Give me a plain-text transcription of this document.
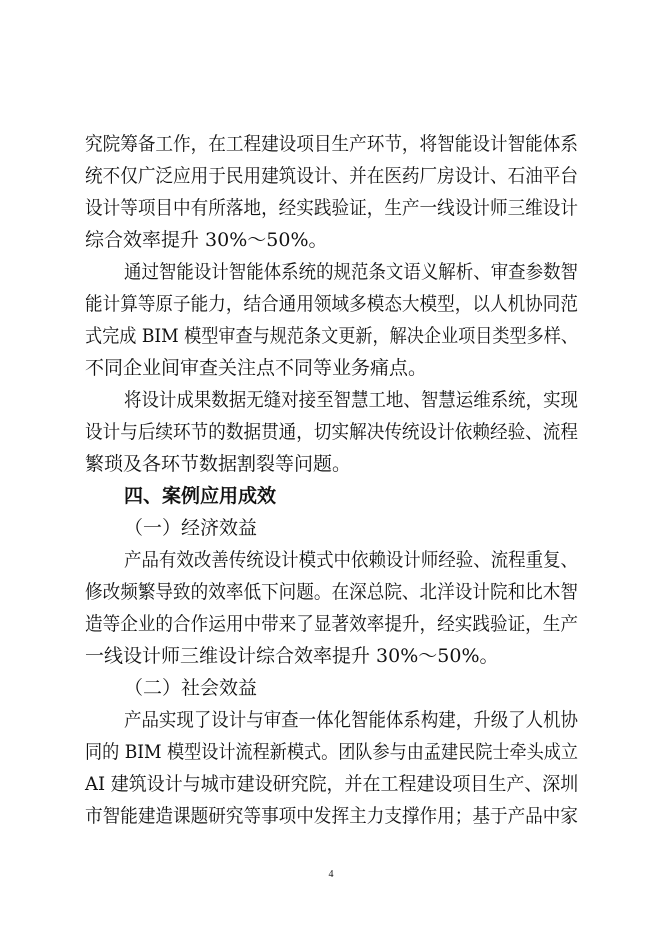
究院筹备工作，在工程建设项目生产环节，将智能设计智能体系
统不仅广泛应用于民用建筑设计、并在医药厂房设计、石油平台
设计等项目中有所落地，经实践验证，生产一线设计师三维设计
综合效率提升 30%～50%。
通过智能设计智能体系统的规范条文语义解析、审查参数智
能计算等原子能力，结合通用领域多模态大模型，以人机协同范
式完成 BIM 模型审查与规范条文更新，解决企业项目类型多样、
不同企业间审查关注点不同等业务痛点。
将设计成果数据无缝对接至智慧工地、智慧运维系统，实现
设计与后续环节的数据贯通，切实解决传统设计依赖经验、流程
繁琐及各环节数据割裂等问题。
四、案例应用成效
（一）经济效益
产品有效改善传统设计模式中依赖设计师经验、流程重复、
修改频繁导致的效率低下问题。在深总院、北洋设计院和比木智
造等企业的合作运用中带来了显著效率提升，经实践验证，生产
一线设计师三维设计综合效率提升 30%～50%。
（二）社会效益
产品实现了设计与审查一体化智能体系构建，升级了人机协
同的 BIM 模型设计流程新模式。团队参与由孟建民院士牵头成立
AI 建筑设计与城市建设研究院，并在工程建设项目生产、深圳
市智能建造课题研究等事项中发挥主力支撑作用；基于产品中家
4
